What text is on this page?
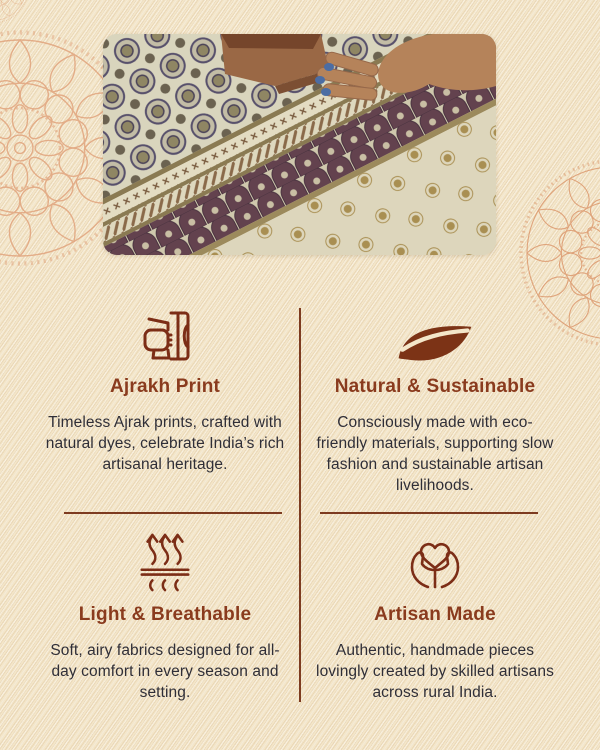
Ajrakh Print

Timeless Ajrak prints, crafted with natural dyes, celebrate India’s rich artisanal heritage.

Natural & Sustainable

Consciously made with eco-friendly materials, supporting slow fashion and sustainable artisan livelihoods.

Light & Breathable

Soft, airy fabrics designed for all-day comfort in every season and setting.

Artisan Made

Authentic, handmade pieces lovingly created by skilled artisans across rural India.
